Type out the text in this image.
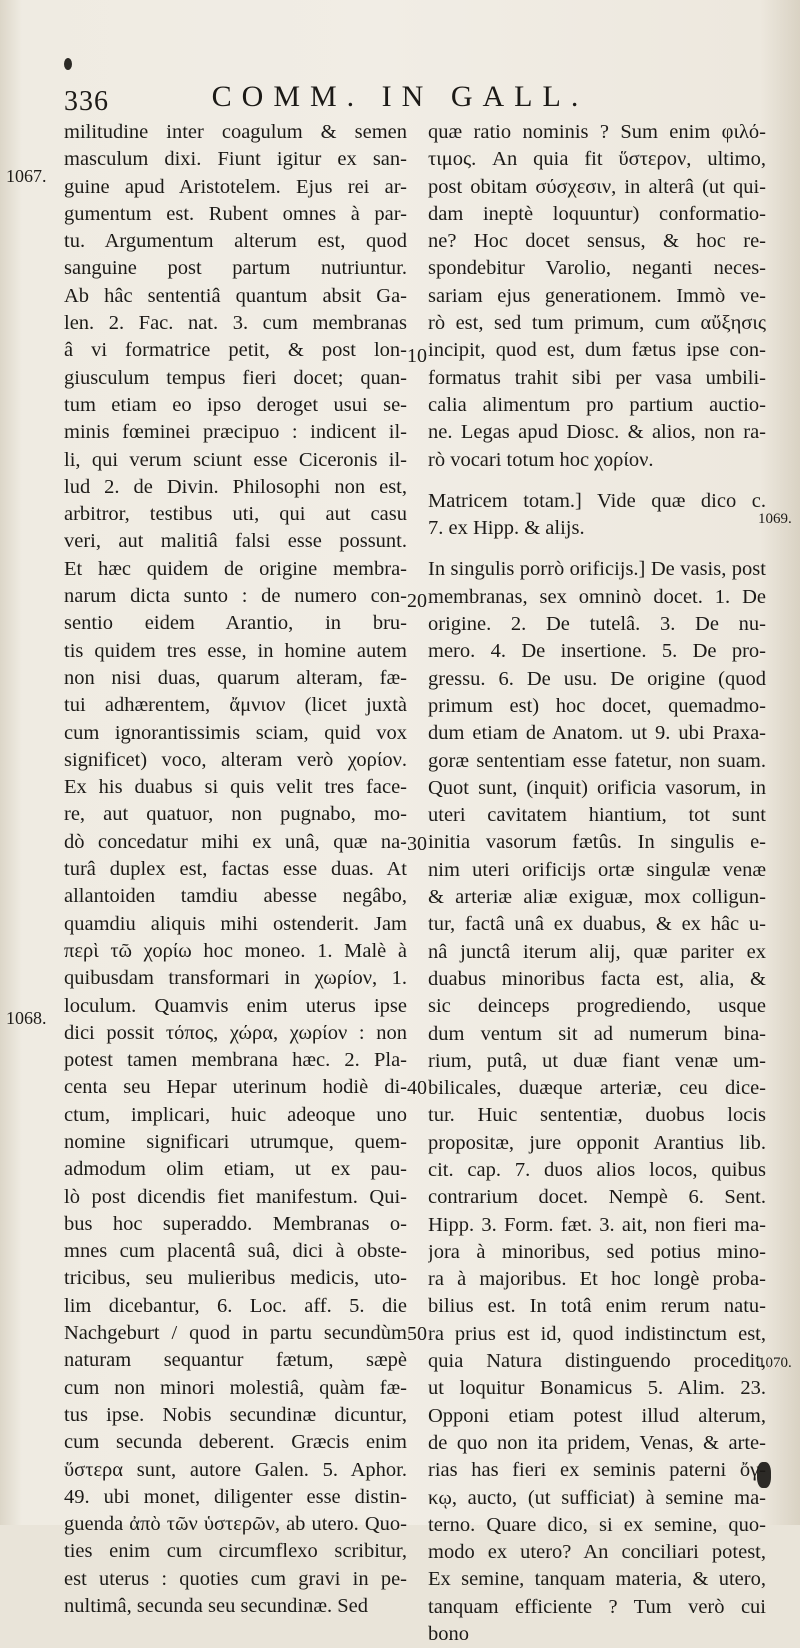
336	COMM. IN GALL.
militudine inter coagulum & semen
masculum dixi. Fiunt igitur ex san-
guine apud Aristotelem. Ejus rei ar-
gumentum est. Rubent omnes à par-
tu. Argumentum alterum est, quod
sanguine post partum nutriuntur.
Ab hâc sententiâ quantum absit Ga-
len. 2. Fac. nat. 3. cum membranas
â vi formatrice petit, & post lon-
giusculum tempus fieri docet; quan-
tum etiam eo ipso deroget usui se-
minis fœminei præcipuo : indicent il-
li, qui verum sciunt esse Ciceronis il-
lud 2. de Divin. Philosophi non est,
arbitror, testibus uti, qui aut casu
veri, aut malitiâ falsi esse possunt.
Et hæc quidem de origine membra-
narum dicta sunto : de numero con-
sentio eidem Arantio, in bru-
tis quidem tres esse, in homine autem
non nisi duas, quarum alteram, fæ-
tui adhærentem, ἄμνιον (licet juxtà
cum ignorantissimis sciam, quid vox
significet) voco, alteram verò χορίον.
Ex his duabus si quis velit tres face-
re, aut quatuor, non pugnabo, mo-
dò concedatur mihi ex unâ, quæ na-
turâ duplex est, factas esse duas. At
allantoiden tamdiu abesse negâbo,
quamdiu aliquis mihi ostenderit. Jam
περὶ τῶ χορίω hoc moneo. 1. Malè à
quibusdam transformari in χωρίον, 1.
loculum. Quamvis enim uterus ipse
dici possit τόπος, χώρα, χωρίον : non
potest tamen membrana hæc. 2. Pla-
centa seu Hepar uterinum hodiè di-
ctum, implicari, huic adeoque uno
nomine significari utrumque, quem-
admodum olim etiam, ut ex pau-
lò post dicendis fiet manifestum. Qui-
bus hoc superaddo. Membranas o-
mnes cum placentâ suâ, dici à obste-
tricibus, seu mulieribus medicis, uto-
lim dicebantur, 6. Loc. aff. 5. die
Nachgeburt / quod in partu secundùm
naturam sequantur fætum, sæpè
cum non minori molestiâ, quàm fæ-
tus ipse. Nobis secundinæ dicuntur,
cum secunda deberent. Græcis enim
ὕστερα sunt, autore Galen. 5. Aphor.
49. ubi monet, diligenter esse distin-
guenda ἀπὸ τῶν ὑστερῶν, ab utero. Quo-
ties enim cum circumflexo scribitur,
est uterus : quoties cum gravi in pe-
nultimâ, secunda seu secundinæ. Sed
quæ ratio nominis ? Sum enim φιλό-
τιμος. An quia fit ὕστερον, ultimo,
post obitam σύσχεσιν, in alterâ (ut qui-
dam ineptè loquuntur) conformatio-
ne? Hoc docet sensus, & hoc re-
spondebitur Varolio, neganti neces-
sariam ejus generationem. Immò ve-
rò est, sed tum primum, cum αὔξησις
incipit, quod est, dum fætus ipse con-
formatus trahit sibi per vasa umbili-
calia alimentum pro partium auctio-
ne. Legas apud Diosc. & alios, non ra-
rò vocari totum hoc χορίον.
Matricem totam.] Vide quæ dico c.
7. ex Hipp. & alijs.
In singulis porrò orificijs.] De vasis, post
membranas, sex omninò docet. 1. De
origine. 2. De tutelâ. 3. De nu-
mero. 4. De insertione. 5. De pro-
gressu. 6. De usu. De origine (quod
primum est) hoc docet, quemadmo-
dum etiam de Anatom. ut 9. ubi Praxa-
goræ sententiam esse fatetur, non suam.
Quot sunt, (inquit) orificia vasorum, in
uteri cavitatem hiantium, tot sunt
initia vasorum fætûs. In singulis e-
nim uteri orificijs ortæ singulæ venæ
& arteriæ aliæ exiguæ, mox colligun-
tur, factâ unâ ex duabus, & ex hâc u-
nâ junctâ iterum alij, quæ pariter ex
duabus minoribus facta est, alia, &
sic deinceps progrediendo, usque
dum ventum sit ad numerum bina-
rium, putâ, ut duæ fiant venæ um-
bilicales, duæque arteriæ, ceu dice-
tur. Huic sententiæ, duobus locis
propositæ, jure opponit Arantius lib.
cit. cap. 7. duos alios locos, quibus
contrarium docet. Nempè 6. Sent.
Hipp. 3. Form. fæt. 3. ait, non fieri ma-
jora à minoribus, sed potius mino-
ra à majoribus. Et hoc longè proba-
bilius est. In totâ enim rerum natu-
ra prius est id, quod indistinctum est,
quia Natura distinguendo procedit,
ut loquitur Bonamicus 5. Alim. 23.
Opponi etiam potest illud alterum,
de quo non ita pridem, Venas, & arte-
rias has fieri ex seminis paterni ὄγ-
κῳ, aucto, (ut sufficiat) à semine ma-
terno. Quare dico, si ex semine, quo-
modo ex utero? An conciliari potest,
Ex semine, tanquam materia, & utero,
tanquam efficiente ? Tum verò cui
bono
10
20
30
40
50
1067.
1068.
1069.
1070.
